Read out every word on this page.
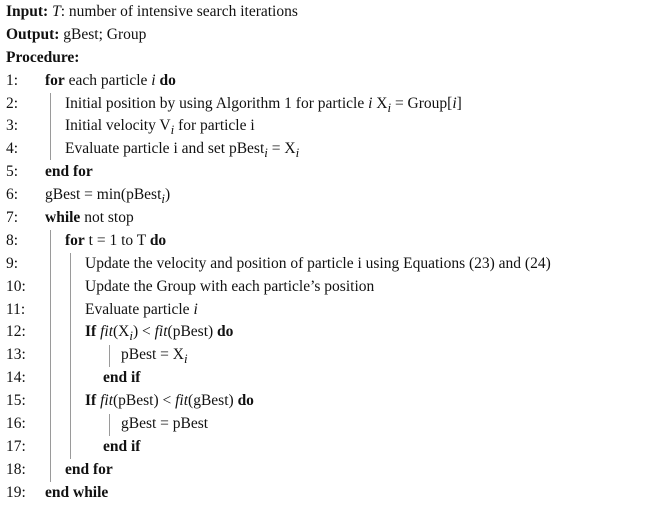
Input: T: number of intensive search iterations
Output: gBest; Group
Procedure:
1: for each particle i do
2:	Initial position by using Algorithm 1 for particle i $X_i$ = Group[i]
3:	Initial velocity $V_i$ for particle i
4:	Evaluate particle i and set pBest$_i$ = $X_i$
5: end for
6: gBest = min(pBest$_i$)
7: while not stop
8:	for t = 1 to T do
9:	Update the velocity and position of particle i using Equations (23) and (24)
10:	Update the Group with each particle’s position
11:	Evaluate particle i
12:	If $fit(X_i)$ < fit(pBest) do
13:	pBest = $X_i$
14:	end if
15:	If fit(pBest) < fit(gBest) do
16:	gBest = pBest
17:	end if
18:	end for
19: end while
